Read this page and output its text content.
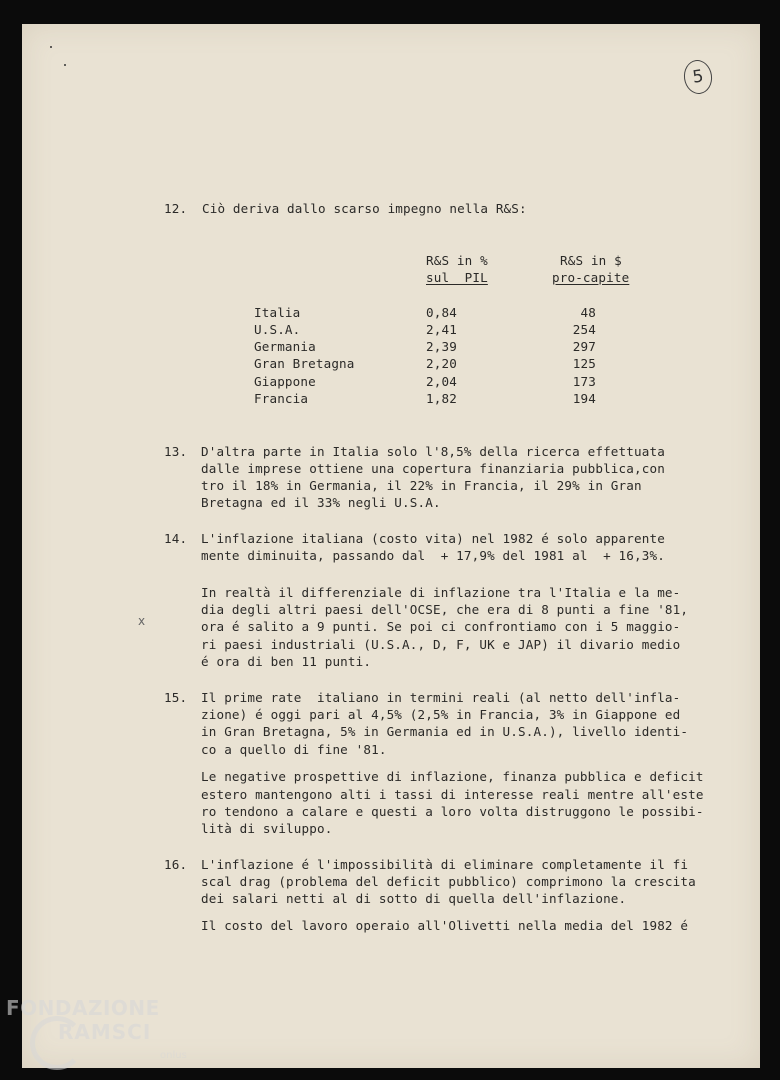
5
12. Ciò deriva dallo scarso impegno nella R&S:
R&S in %
sul  PIL
R&S in $
pro-capite
Italia	0,84	48
U.S.A.	2,41	254
Germania	2,39	297
Gran Bretagna	2,20	125
Giappone	2,04	173
Francia	1,82	194
13. D'altra parte in Italia solo l'8,5% della ricerca effettuata
dalle imprese ottiene una copertura finanziaria pubblica,con
tro il 18% in Germania, il 22% in Francia, il 29% in Gran
Bretagna ed il 33% negli U.S.A.
14. L'inflazione italiana (costo vita) nel 1982 é solo apparente
mente diminuita, passando dal  + 17,9% del 1981 al  + 16,3%.
In realtà il differenziale di inflazione tra l'Italia e la me-
dia degli altri paesi dell'OCSE, che era di 8 punti a fine '81,
ora é salito a 9 punti. Se poi ci confrontiamo con i 5 maggio-
ri paesi industriali (U.S.A., D, F, UK e JAP) il divario medio
é ora di ben 11 punti.
x
15. Il prime rate  italiano in termini reali (al netto dell'infla-
zione) é oggi pari al 4,5% (2,5% in Francia, 3% in Giappone ed
in Gran Bretagna, 5% in Germania ed in U.S.A.), livello identi-
co a quello di fine '81.
Le negative prospettive di inflazione, finanza pubblica e deficit
estero mantengono alti i tassi di interesse reali mentre all'este
ro tendono a calare e questi a loro volta distruggono le possibi-
lità di sviluppo.
16. L'inflazione é l'impossibilità di eliminare completamente il fi
scal drag (problema del deficit pubblico) comprimono la crescita
dei salari netti al di sotto di quella dell'inflazione.
Il costo del lavoro operaio all'Olivetti nella media del 1982 é
FONDAZIONE
RAMSCI
onlus
